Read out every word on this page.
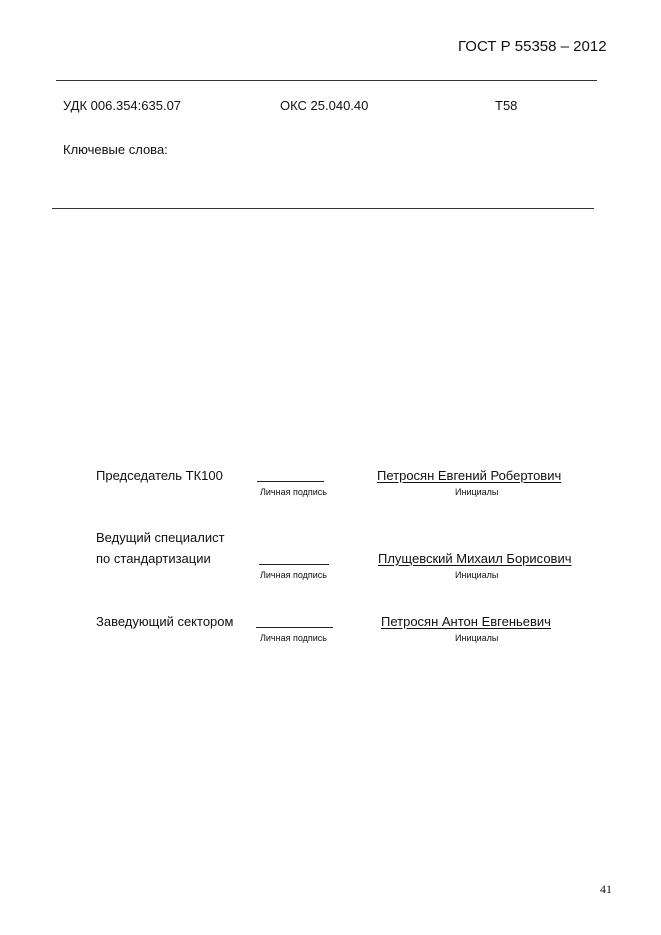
ГОСТ Р 55358 – 2012
УДК 006.354:635.07	ОКС 25.040.40	Т58
Ключевые слова:
Председатель ТК100
Личная подпись
Петросян Евгений Робертович
Инициалы
Ведущий специалист
по стандартизации
Личная подпись
Плущевский Михаил Борисович
Инициалы
Заведующий сектором
Личная подпись
Петросян Антон Евгеньевич
Инициалы
41
